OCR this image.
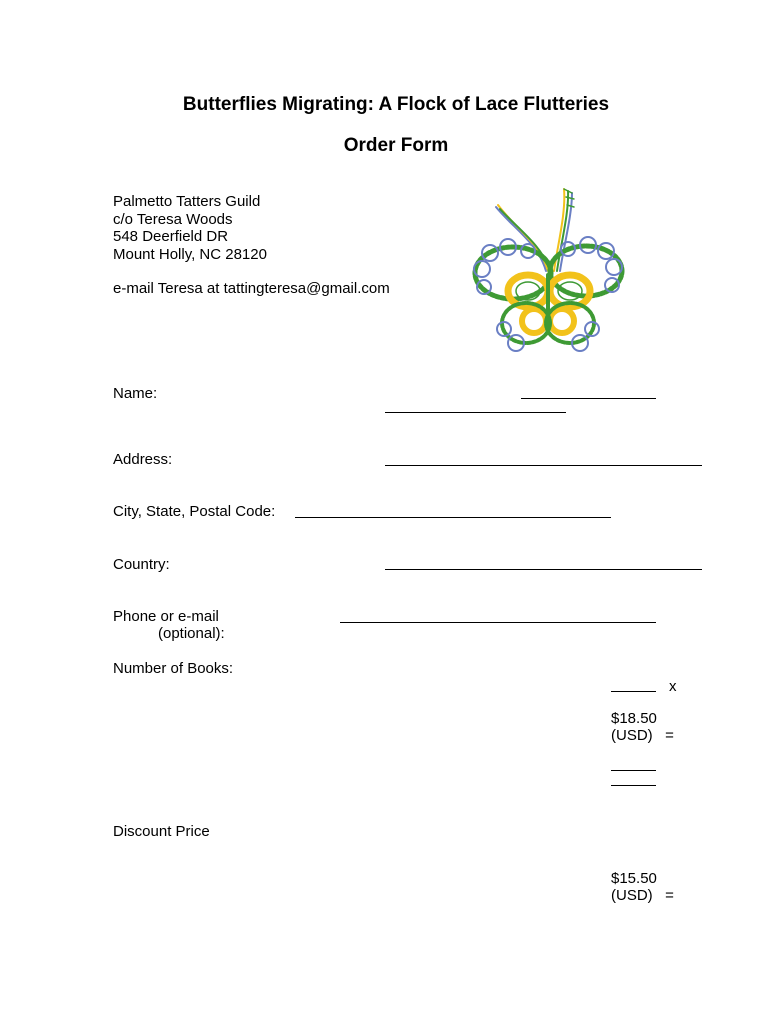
Butterflies Migrating: A Flock of Lace Flutteries
Order Form
Palmetto Tatters Guild
c/o Teresa Woods
548 Deerfield DR
Mount Holly, NC 28120
e-mail Teresa at tattingteresa@gmail.com
Name:
Address:
City, State, Postal Code:
Country:
Phone or e-mail
(optional):
Number of Books:
x
$18.50
(USD)   =
Discount Price
$15.50
(USD)   =
